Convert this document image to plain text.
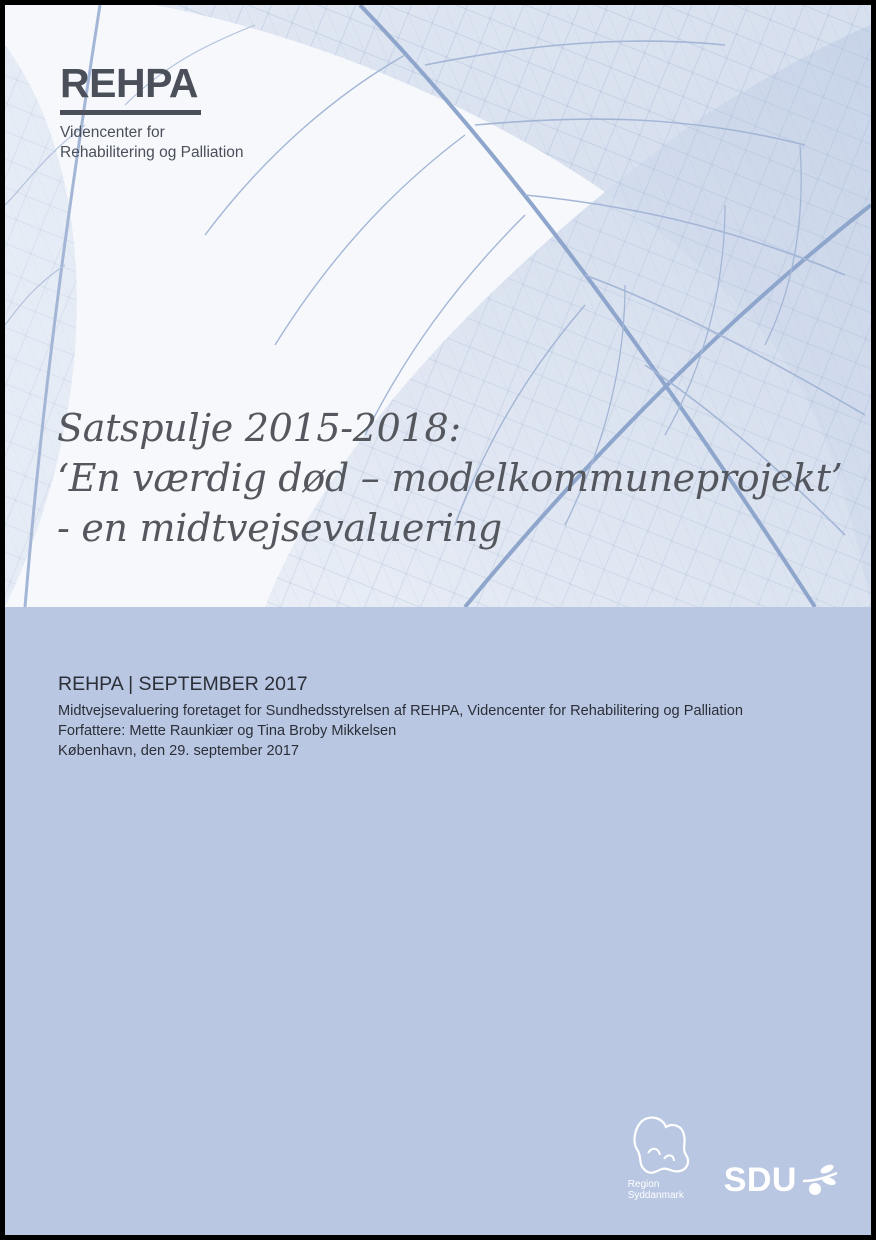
REHPA
Videncenter for
Rehabilitering og Palliation
Satspulje 2015-2018:
‘En værdig død – modelkommuneprojekt’
- en midtvejsevaluering
REHPA | SEPTEMBER 2017
Midtvejsevaluering foretaget for Sundhedsstyrelsen af REHPA, Videncenter for Rehabilitering og Palliation
Forfattere: Mette Raunkiær og Tina Broby Mikkelsen
København, den 29. september 2017
Region
Syddanmark SDU
